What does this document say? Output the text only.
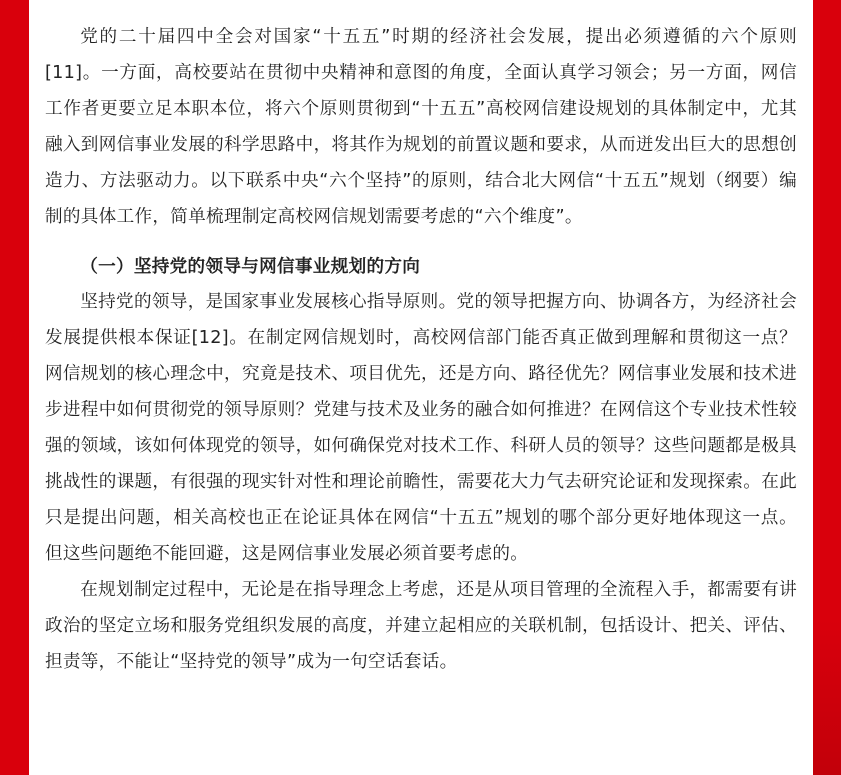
党的二十届四中全会对国家“十五五”时期的经济社会发展，提出必须遵循的六个原则[11]。一方面，高校要站在贯彻中央精神和意图的角度，全面认真学习领会；另一方面，网信工作者更要立足本职本位，将六个原则贯彻到“十五五”高校网信建设规划的具体制定中，尤其融入到网信事业发展的科学思路中，将其作为规划的前置议题和要求，从而迸发出巨大的思想创造力、方法驱动力。以下联系中央“六个坚持”的原则，结合北大网信“十五五”规划（纲要）编制的具体工作，简单梳理制定高校网信规划需要考虑的“六个维度”。

（一）坚持党的领导与网信事业规划的方向

坚持党的领导，是国家事业发展核心指导原则。党的领导把握方向、协调各方，为经济社会发展提供根本保证[12]。在制定网信规划时，高校网信部门能否真正做到理解和贯彻这一点？网信规划的核心理念中，究竟是技术、项目优先，还是方向、路径优先？网信事业发展和技术进步进程中如何贯彻党的领导原则？党建与技术及业务的融合如何推进？在网信这个专业技术性较强的领域，该如何体现党的领导，如何确保党对技术工作、科研人员的领导？这些问题都是极具挑战性的课题，有很强的现实针对性和理论前瞻性，需要花大力气去研究论证和发现探索。在此只是提出问题，相关高校也正在论证具体在网信“十五五”规划的哪个部分更好地体现这一点。但这些问题绝不能回避，这是网信事业发展必须首要考虑的。

在规划制定过程中，无论是在指导理念上考虑，还是从项目管理的全流程入手，都需要有讲政治的坚定立场和服务党组织发展的高度，并建立起相应的关联机制，包括设计、把关、评估、担责等，不能让“坚持党的领导”成为一句空话套话。
